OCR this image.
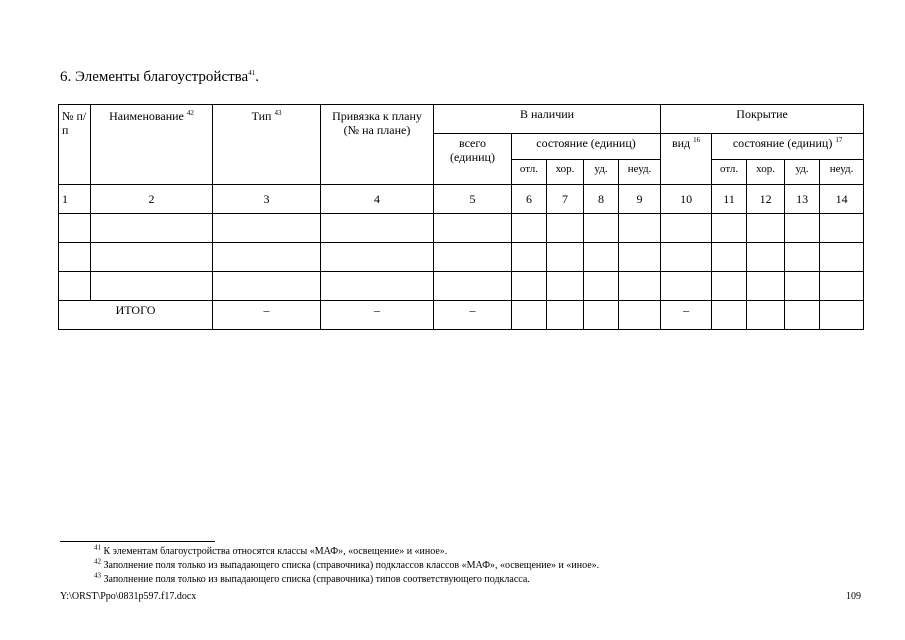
6. Элементы благоустройства$^{41}$.
№ п/п	Наименование $^{42}$	Тип $^{43}$	Привязка к плану (№ на плане)	В наличии					Покрытие				
				всего (единиц)	состояние (единиц)				вид $^{16}$	состояние (единиц) $^{17}$
					отл.	хор.	уд.	неуд.		отл.	хор.	уд.	неуд.
1	2	3	4	5	6	7	8	9	10	11	12	13	14

ИТОГО		–	–	–					–				
$^{41}$ К элементам благоустройства относятся классы «МАФ», «освещение» и «иное».
$^{42}$ Заполнение поля только из выпадающего списка (справочника) подклассов классов «МАФ», «освещение» и «иное».
$^{43}$ Заполнение поля только из выпадающего списка (справочника) типов соответствующего подкласса.
Y:\ORST\Ppo\0831p597.f17.docx	109
